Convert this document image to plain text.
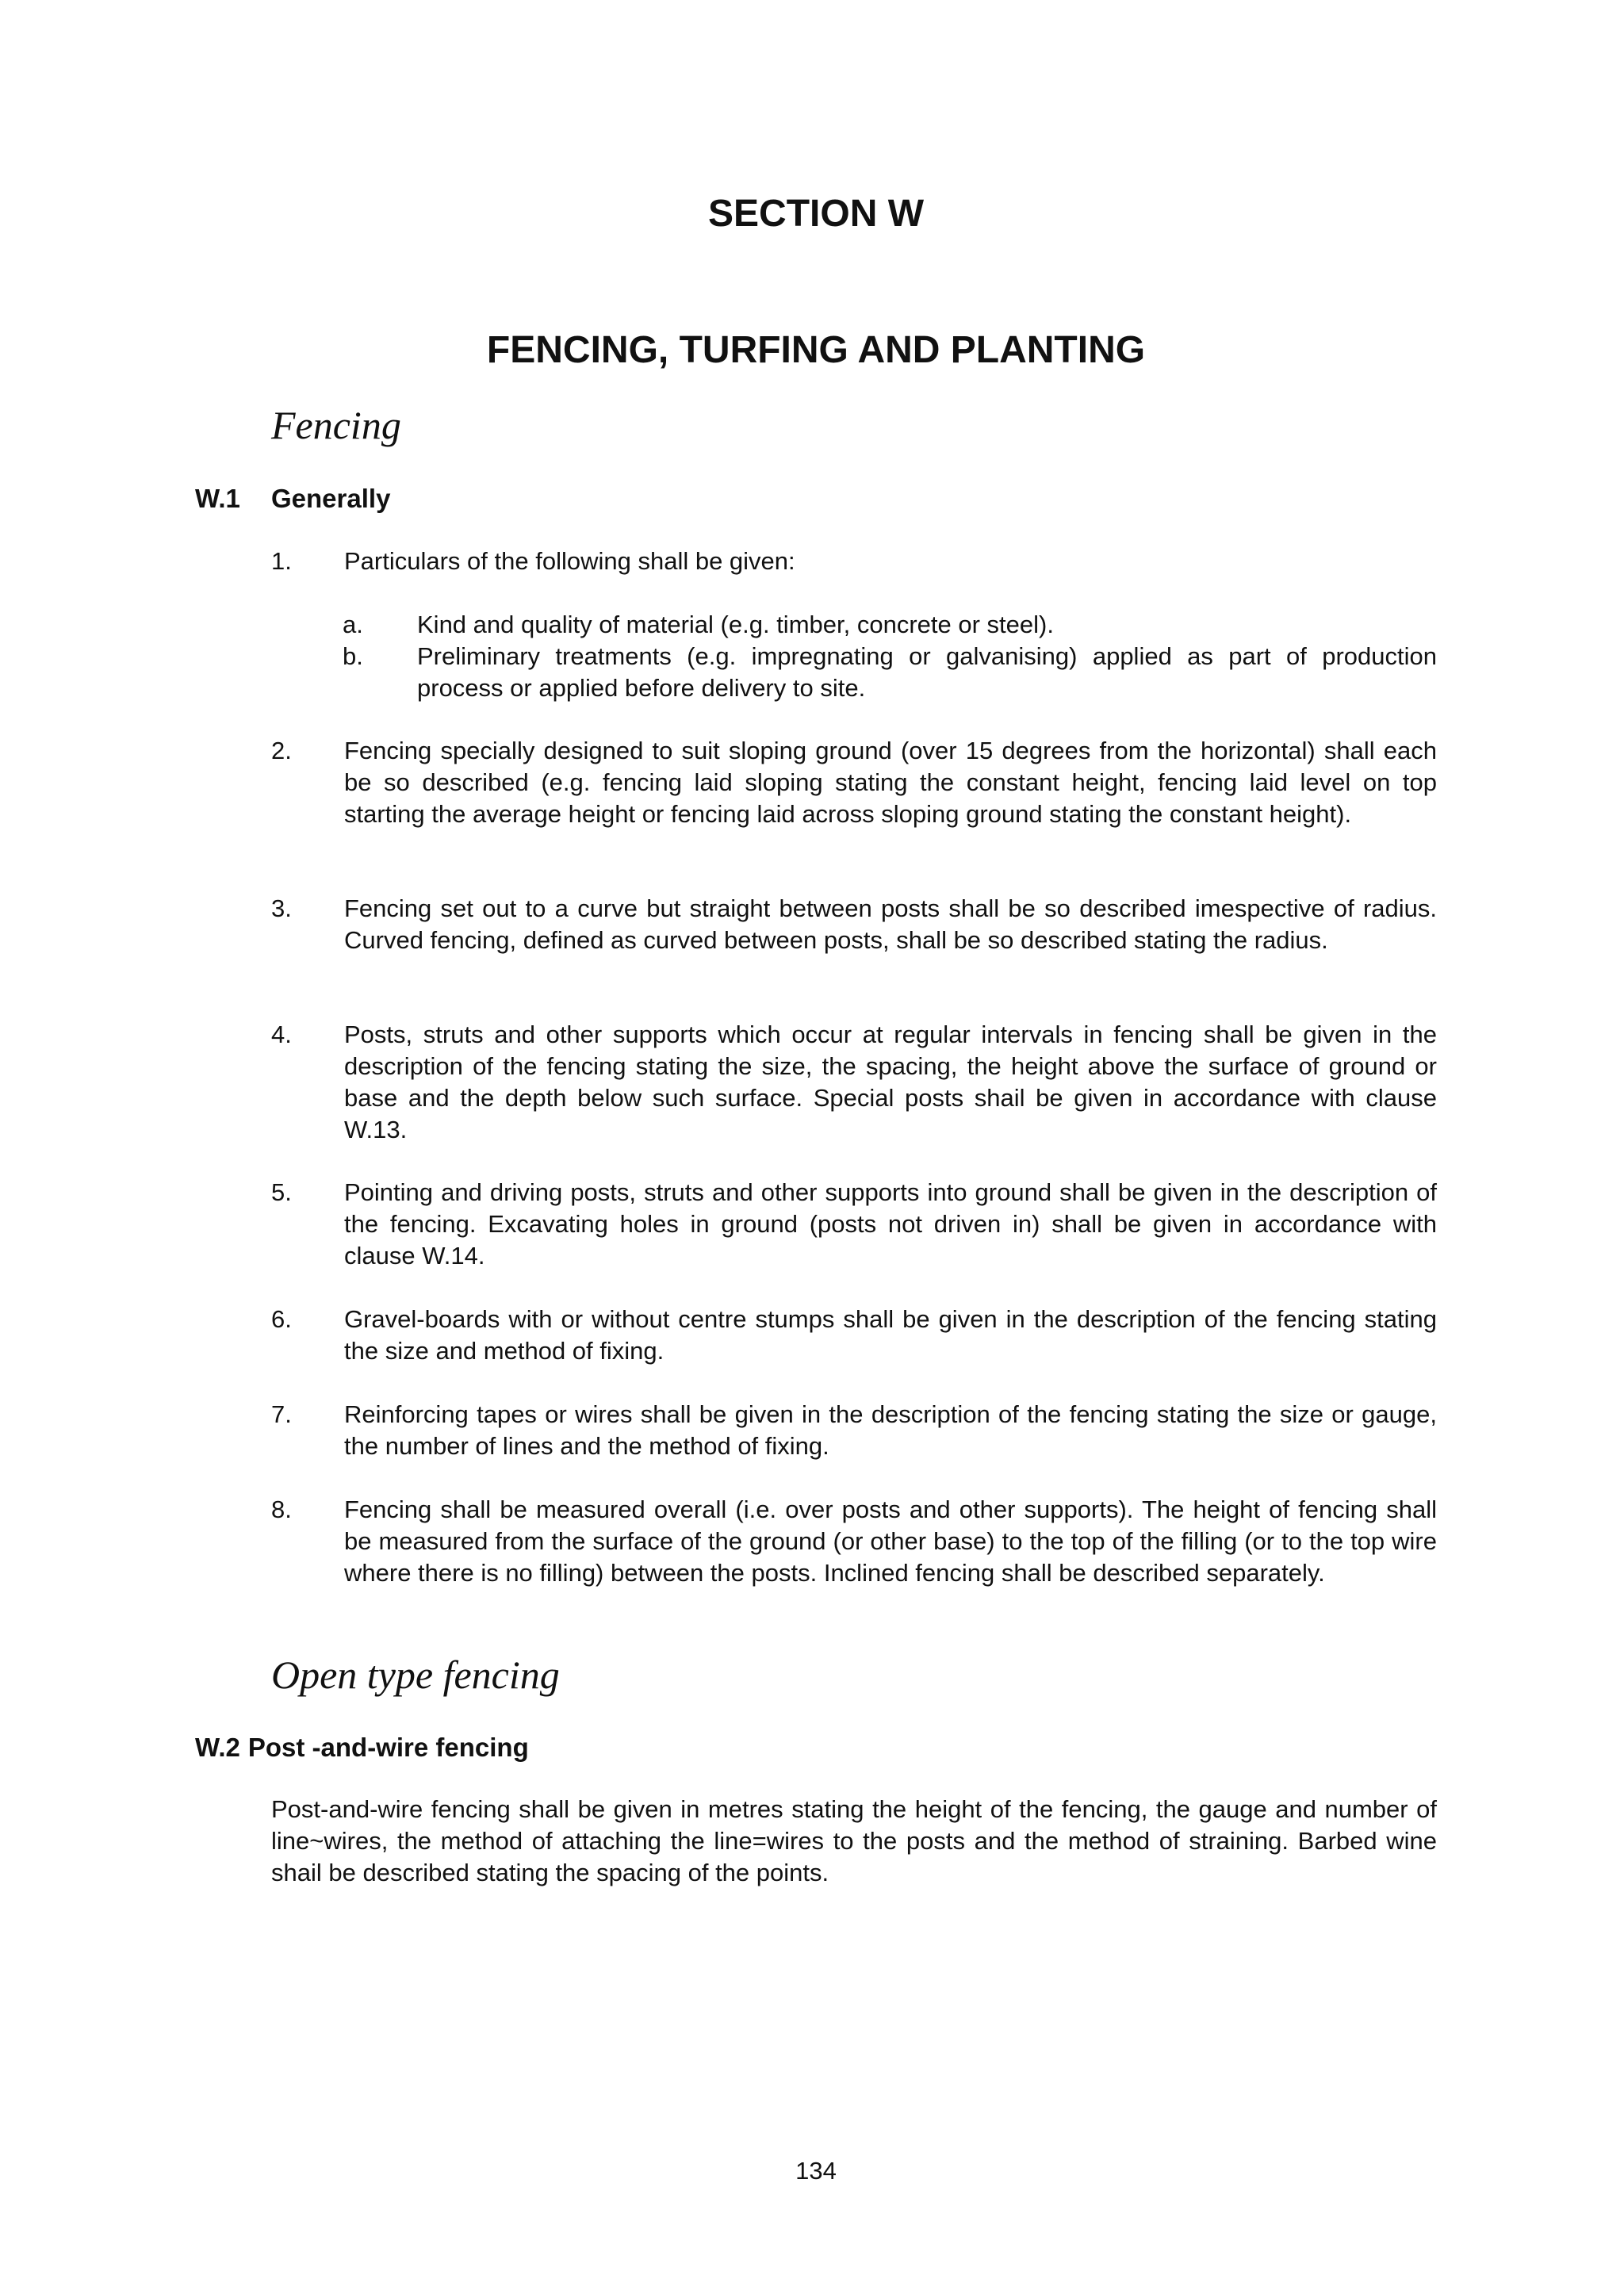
SECTION W
FENCING, TURFING AND PLANTING
Fencing
W.1 Generally
1. Particulars of the following shall be given:
a. Kind and quality of material (e.g. timber, concrete or steel).
b. Preliminary treatments (e.g. impregnating or galvanising) applied as part of production process or applied before delivery to site.
2. Fencing specially designed to suit sloping ground (over 15 degrees from the horizontal) shall each be so described (e.g. fencing laid sloping stating the constant height, fencing laid level on top starting the average height or fencing laid across sloping ground stating the constant height).
3. Fencing set out to a curve but straight between posts shall be so described imespective of radius. Curved fencing, defined as curved between posts, shall be so described stating the radius.
4. Posts, struts and other supports which occur at regular intervals in fencing shall be given in the description of the fencing stating the size, the spacing, the height above the surface of ground or base and the depth below such surface. Special posts shail be given in accordance with clause W.13.
5. Pointing and driving posts, struts and other supports into ground shall be given in the description of the fencing. Excavating holes in ground (posts not driven in) shall be given in accordance with clause W.14.
6. Gravel-boards with or without centre stumps shall be given in the description of the fencing stating the size and method of fixing.
7. Reinforcing tapes or wires shall be given in the description of the fencing stating the size or gauge, the number of lines and the method of fixing.
8. Fencing shall be measured overall (i.e. over posts and other supports). The height of fencing shall be measured from the surface of the ground (or other base) to the top of the filling (or to the top wire where there is no filling) between the posts. Inclined fencing shall be described separately.
Open type fencing
W.2 Post -and-wire fencing
Post-and-wire fencing shall be given in metres stating the height of the fencing, the gauge and number of line~wires, the method of attaching the line=wires to the posts and the method of straining. Barbed wine shail be described stating the spacing of the points.
134
